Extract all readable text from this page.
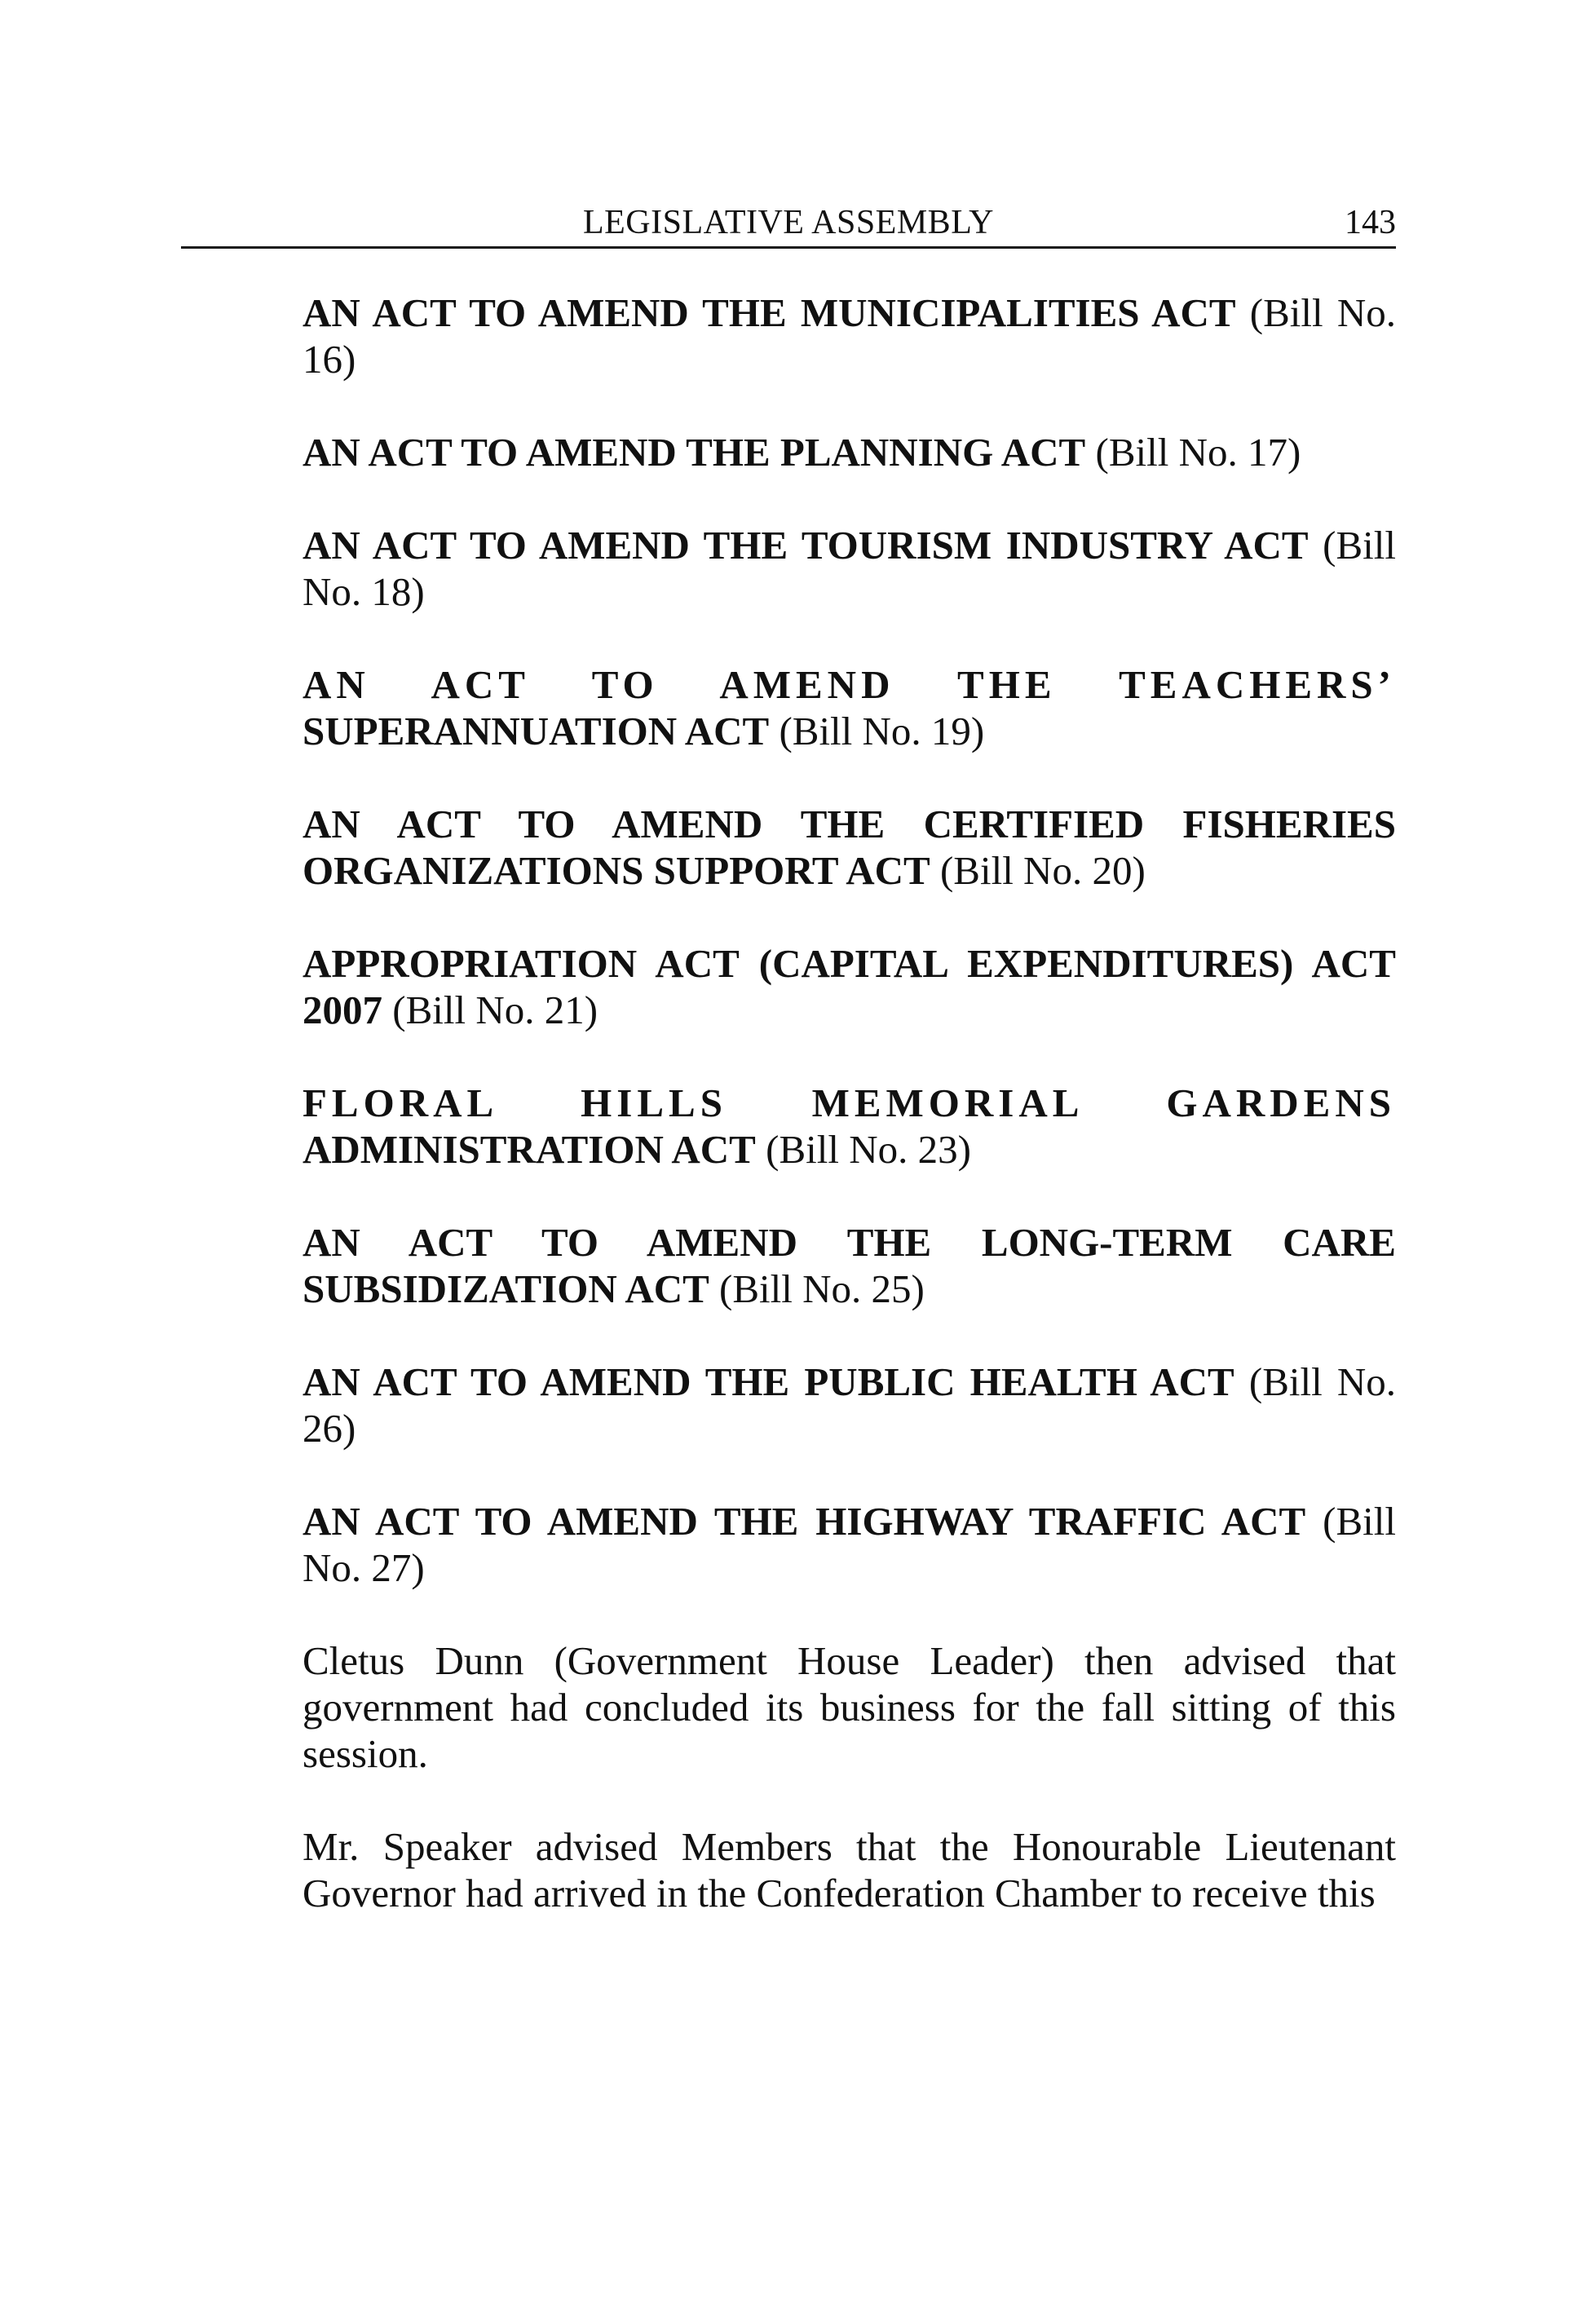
LEGISLATIVE ASSEMBLY	143

AN ACT TO AMEND THE MUNICIPALITIES ACT (Bill No. 16)

AN ACT TO AMEND THE PLANNING ACT (Bill No. 17)

AN ACT TO AMEND THE TOURISM INDUSTRY ACT (Bill No. 18)

AN ACT TO AMEND THE TEACHERS’
SUPERANNUATION ACT (Bill No. 19)

AN ACT TO AMEND THE CERTIFIED FISHERIES ORGANIZATIONS SUPPORT ACT (Bill No. 20)

APPROPRIATION ACT (CAPITAL EXPENDITURES) ACT 2007 (Bill No. 21)

FLORAL HILLS MEMORIAL GARDENS
ADMINISTRATION ACT (Bill No. 23)

AN ACT TO AMEND THE LONG-TERM CARE SUBSIDIZATION ACT (Bill No. 25)

AN ACT TO AMEND THE PUBLIC HEALTH ACT (Bill No. 26)

AN ACT TO AMEND THE HIGHWAY TRAFFIC ACT (Bill No. 27)

Cletus Dunn (Government House Leader) then advised that government had concluded its business for the fall sitting of this session.

Mr. Speaker advised Members that the Honourable Lieutenant Governor had arrived in the Confederation Chamber to receive this
